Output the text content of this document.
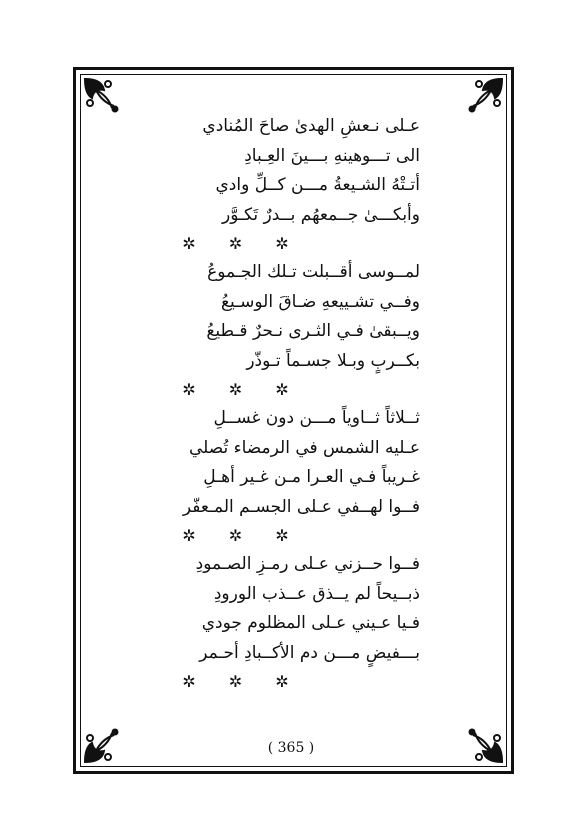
عـلى نـعشِ الهدىٰ صاحَ المُنادي
الى تـــوهينهِ بـــينَ العِـبادِ
أتـتْهُ الشـيعةُ مـــن كــلِّ وادي
وأبكـــىٰ جــمعهُم بــدرٌ تَكـوَّر
✲ ✲ ✲
لمــوسى أقــبلت تـلك الجـموعُ
وفــي تشـييعهِ ضـاقَ الوسـيعُ
ويــبقىٰ فـي الثـرى نـحرٌ قـطيعُ
بكــربٍ وبـلا جسـماً تـوذّر
✲ ✲ ✲
ثــلاثاً ثــاوياً مـــن دون غســلِ
عـليه الشمس في الرمضاء تُصلي
غـريباً فـي العـرا مـن غـير أهـلِ
فــوا لهــفي عـلى الجسـم المـعفّر
✲ ✲ ✲
فــوا حــزني عـلى رمـزِ الصـمودِ
ذبــيحاً لم يــذق عــذب الورودِ
فـيا عـيني عـلى المظلوم جودي
بـــفيضٍ مـــن دم الأكــبادِ أحـمر
✲ ✲ ✲
( 365 )
